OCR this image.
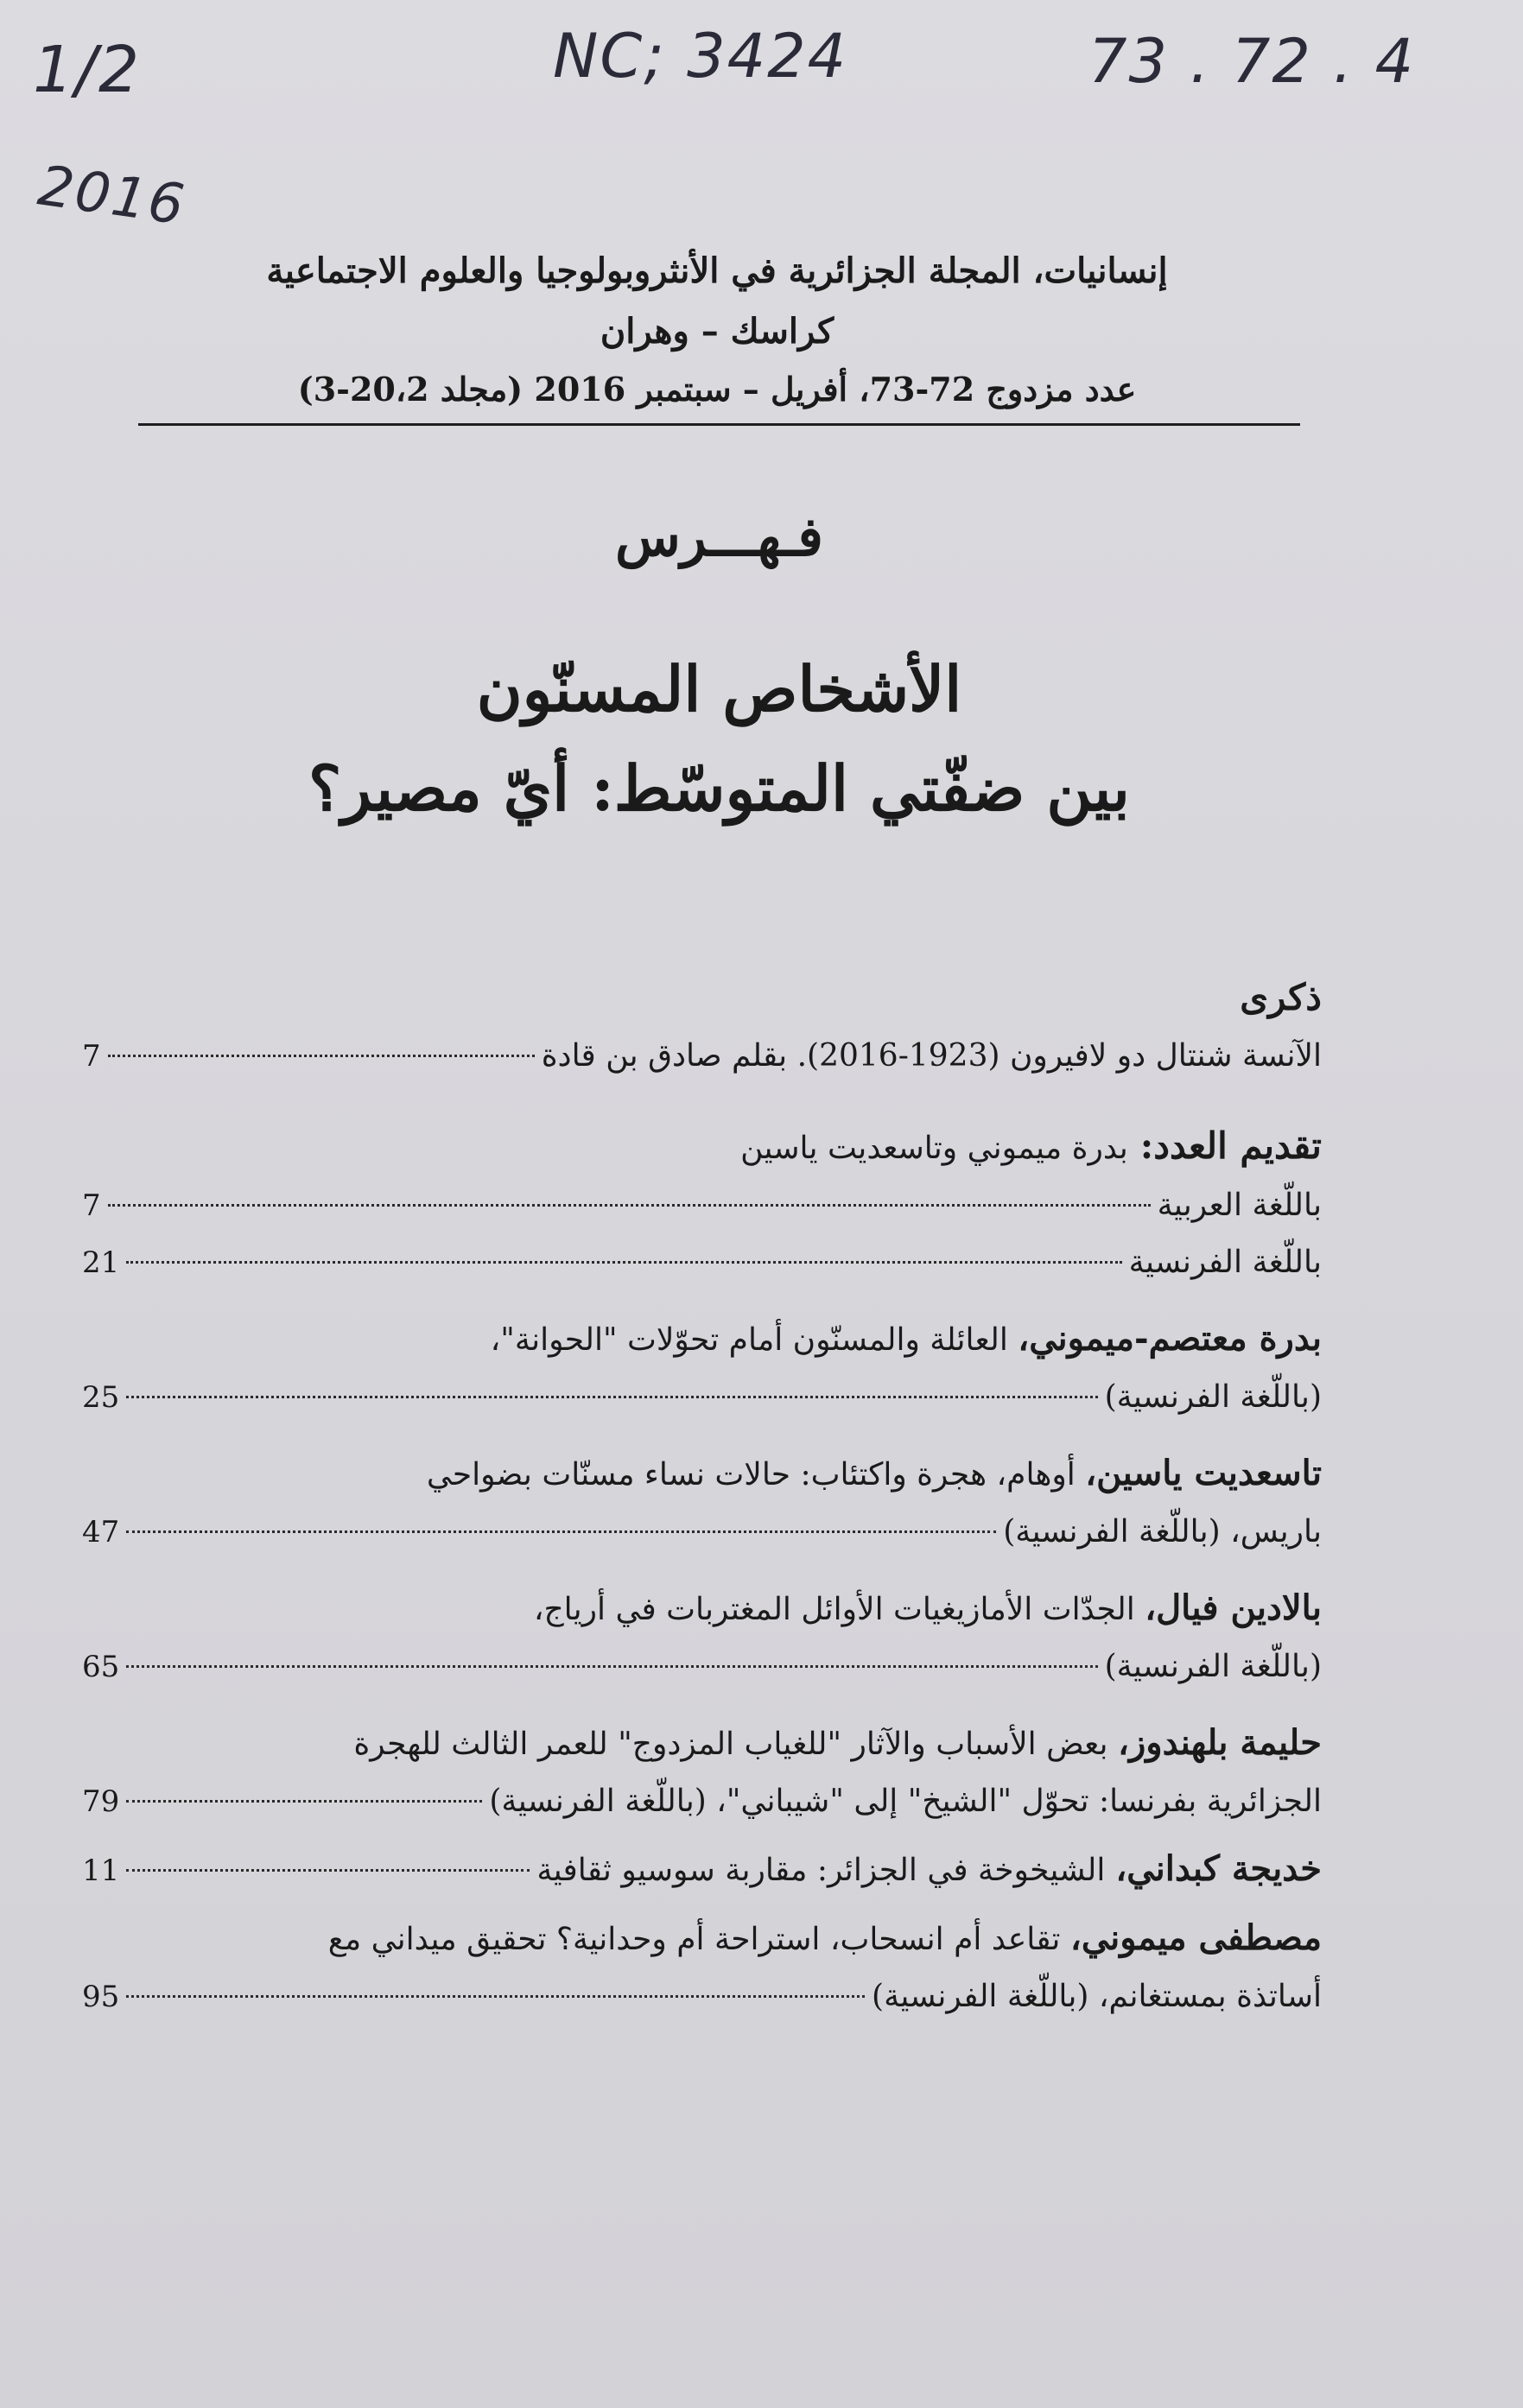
1/2
2016
NC; 3424	73 . 72 . 4
إنسانيات، المجلة الجزائرية في الأنثروبولوجيا والعلوم الاجتماعية
كراسك – وهران
عدد مزدوج 72-73، أفريل – سبتمبر 2016 (مجلد 20،2-3)
فـهـــرس
الأشخاص المسنّون
بين ضفّتي المتوسّط: أيّ مصير؟
ذكرى
الآنسة شنتال دو لافيرون (1923-2016). بقلم صادق بن قادة
7
تقديم العدد:
بدرة ميموني وتاسعديت ياسين
باللّغة العربية
7
باللّغة الفرنسية
21
بدرة معتصم-ميموني، العائلة والمسنّون أمام تحوّلات "الحوانة"،
(باللّغة الفرنسية)
25
تاسعديت ياسين، أوهام، هجرة واكتئاب: حالات نساء مسنّات بضواحي
باريس، (باللّغة الفرنسية)
47
بالادين فيال، الجدّات الأمازيغيات الأوائل المغتربات في أرياج،
(باللّغة الفرنسية)
65
حليمة بلهندوز، بعض الأسباب والآثار "للغياب المزدوج" للعمر الثالث للهجرة
الجزائرية بفرنسا: تحوّل "الشيخ" إلى "شيباني"، (باللّغة الفرنسية)
79
خديجة كبداني،
الشيخوخة في الجزائر: مقاربة سوسيو ثقافية
11
مصطفى ميموني، تقاعد أم انسحاب، استراحة أم وحدانية؟ تحقيق ميداني مع
أساتذة بمستغانم، (باللّغة الفرنسية)
95
